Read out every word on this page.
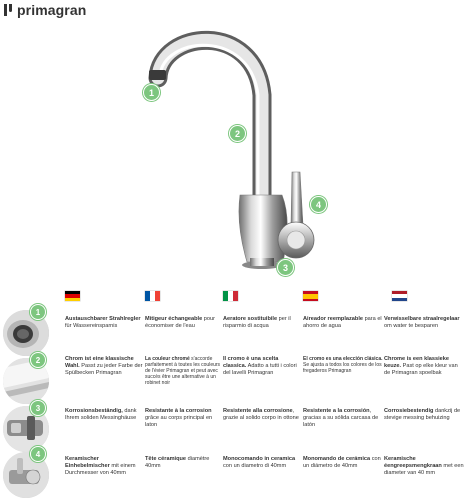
primagran
1
2
3
4
1
Austauschbarer Strahlregler für Wassereinsparnis
Mitigeur échangeable pour économiser de l'eau
Aeratore sostituibile per il risparmio di acqua
Aireador reemplazable para el ahorro de agua
Verwisselbare straalregelaar om water te besparen
2	Chrom ist eine klassische Wahl. Passt zu jeder Farbe der Spülbecken Primagran
La couleur chromé s'accorde parfaitement à toutes les couleurs de l'évier Primagran et peut avec succès être une alternative à un robinet noir
Il cromo è una scelta classica. Adatto a tutti i colori del lavelli Primagran
El cromo es una elección clásica. Se ajusta a todos los colores de los fregaderos Primagran
Chrome is een klassieke keuze. Past op elke kleur van de Primagran spoelbak
3	Korrosionsbeständig, dank Ihrem soliden Messinghäuse
Resistante à la corrosion grâce au corps principal en laton
Resistente alla corrosione, grazie al solido corpo in ottone
Resistente a la corrosión, gracias a su sólida carcasa de latón
Corrosiebestendig dankzij de stevige messing behuizing
4
Keramischer Einhebelmischer mit einem Durchmesser von 40mm
Tête céramique diamètre 40mm
Monocomando in ceramica con un diametro di 40mm
Monomando de cerámica con un diámetro de 40mm
Keramische éengreepsmengkraan met een diameter van 40 mm
